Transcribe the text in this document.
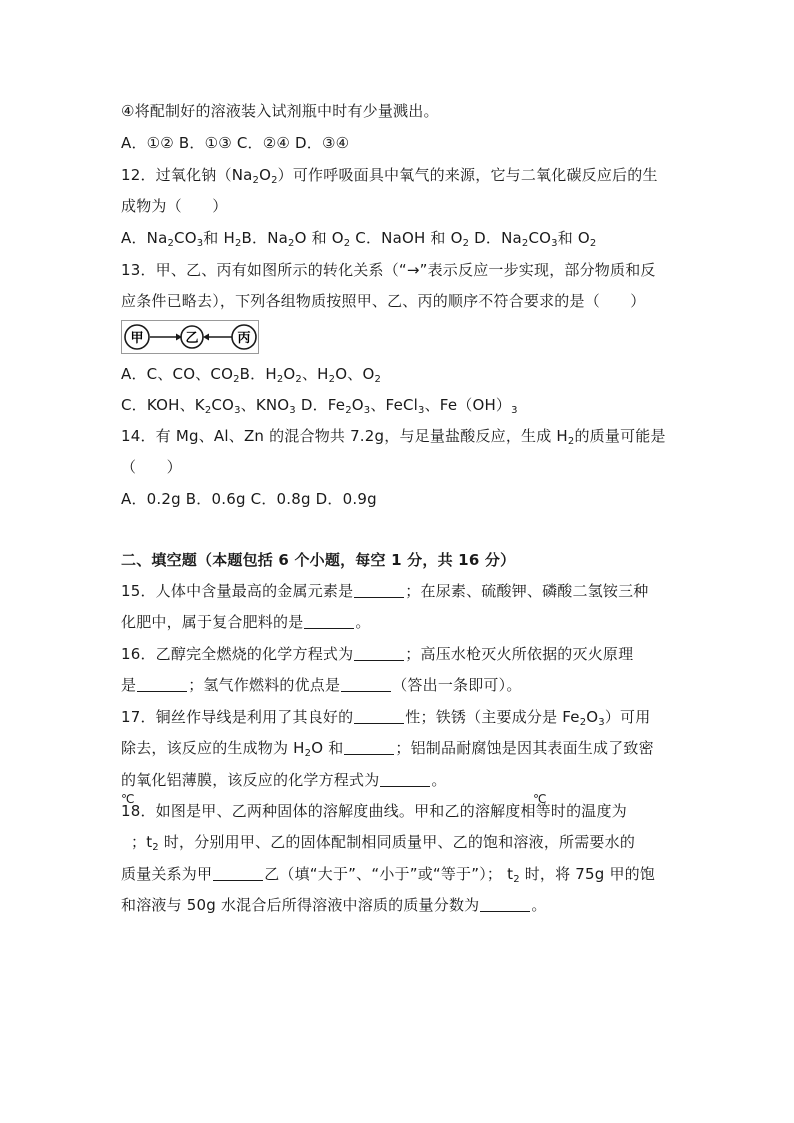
④将配制好的溶液装入试剂瓶中时有少量溅出。
A．①② B．①③ C．②④ D．③④
12．过氧化钠$(Na_2O_2)$可作呼吸面具中氧气的来源，它与二氧化碳反应后的生
成物为（　　）
A．$Na_2CO_3$和 $H_2B$．$Na_2O$ 和 $O_2$ C．NaOH 和 $O_2$ D．$Na_2CO_3$和 $O_2$
13．甲、乙、丙有如图所示的转化关系（“→”表示反应一步实现，部分物质和反
应条件已略去），下列各组物质按照甲、乙、丙的顺序不符合要求的是（　　）
甲	乙	丙
A．C、CO、$CO_2B$．$H_2O_2$、$H_2O$、$O_2$
C．KOH、$K_2CO_3$、$KNO_3$ D．$Fe_2O_3$、FeCl$_3$、$Fe(OH)_3$
14．有 Mg、Al、Zn 的混合物共 7.2g，与足量盐酸反应，生成 $H_2$的质量可能是
（　　）
A．0.2g B．0.6g C．0.8g D．0.9g
二、填空题（本题包括 6 个小题，每空 1 分，共 16 分）
15．人体中含量最高的金属元素是	；在尿素、硫酸钾、磷酸二氢铵三种
化肥中，属于复合肥料的是	。
16．乙醇完全燃烧的化学方程式为	；高压水枪灭火所依据的灭火原理
是	；氢气作燃料的优点是	（答出一条即可）。
17．铜丝作导线是利用了其良好的	性；铁锈（主要成分是 $Fe_2O_3$）可用
除去，该反应的生成物为 $H_2O$ 和	；铝制品耐腐蚀是因其表面生成了致密
的氧化铝薄膜，该反应的化学方程式为	。
℃	℃
18．如图是甲、乙两种固体的溶解度曲线。甲和乙的溶解度相等时的温度为
；$t_2$ 时，分别用甲、乙的固体配制相同质量甲、乙的饱和溶液，所需要水的
质量关系为甲	乙（填“大于”、“小于”或“等于”）； $t_2$ 时，将 75g 甲的饱
和溶液与 50g 水混合后所得溶液中溶质的质量分数为	。
